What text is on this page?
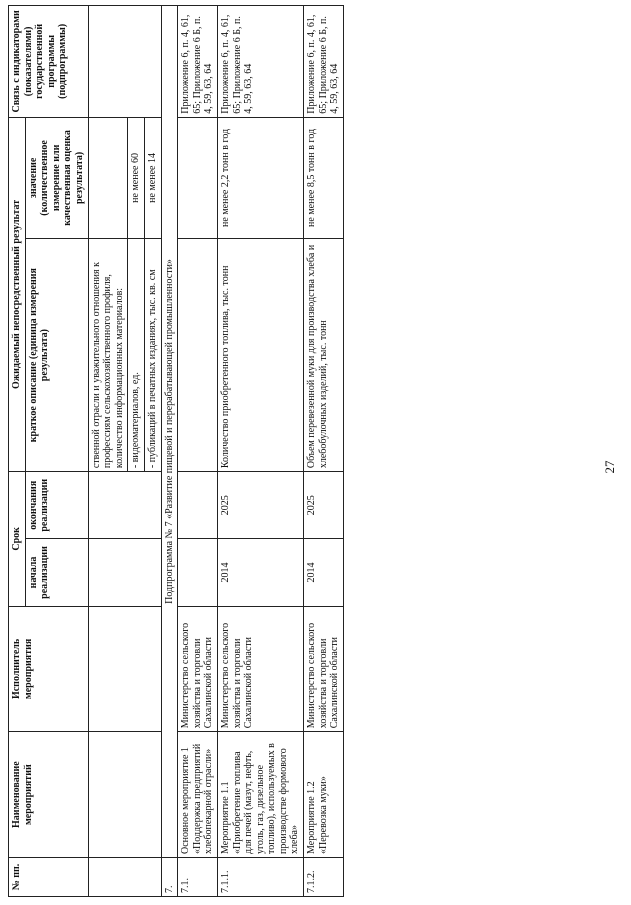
№ пп.	Наименование мероприятий	Исполнитель мероприятия	Срок		Ожидаемый непосредственный результат		Связь с индикаторами (показателями) государственной программы (подпрограммы)
			начала реализации	окончания реализации	краткое описание (единица измерения результата)	значение (количественное измерение или качественная оценка результата)	
					ственной отрасли и уважительного отношения к профессиям сельскохозяйственного профиля, количество информационных материалов:		
					- видеоматериалов, ед.	не менее 60	
					- публикаций в печатных изданиях, тыс. кв. см	не менее 14	
7.	Подпрограмма № 7 «Развитие пищевой и перерабатывающей промышленности»						
7.1.	Основное мероприятие 1 «Поддержка предприятий хлебопекарной отрасли»	Министерство сельского хозяйства и торговли Сахалинской области					Приложение 6, п. 4, 61, 65; Приложение 6 Б, п. 4, 59, 63, 64
7.1.1.	Мероприятие 1.1 «Приобретение топлива для печей (мазут, нефть, уголь, газ, дизельное топливо), используемых в производстве формового хлеба»	Министерство сельского хозяйства и торговли Сахалинской области	2014	2025	Количество приобретенного топлива, тыс. тонн	не менее 2,2 тонн в год	Приложение 6, п. 4, 61, 65; Приложение 6 Б, п. 4, 59, 63, 64
7.1.2.	Мероприятие 1.2 «Перевозка муки»	Министерство сельского хозяйства и торговли Сахалинской области	2014	2025	Объем перевезенной муки для производства хлеба и хлебобулочных изделий, тыс. тонн	не менее 8,5 тонн в год	Приложение 6, п. 4, 61, 65; Приложение 6 Б, п. 4, 59, 63, 64
27
